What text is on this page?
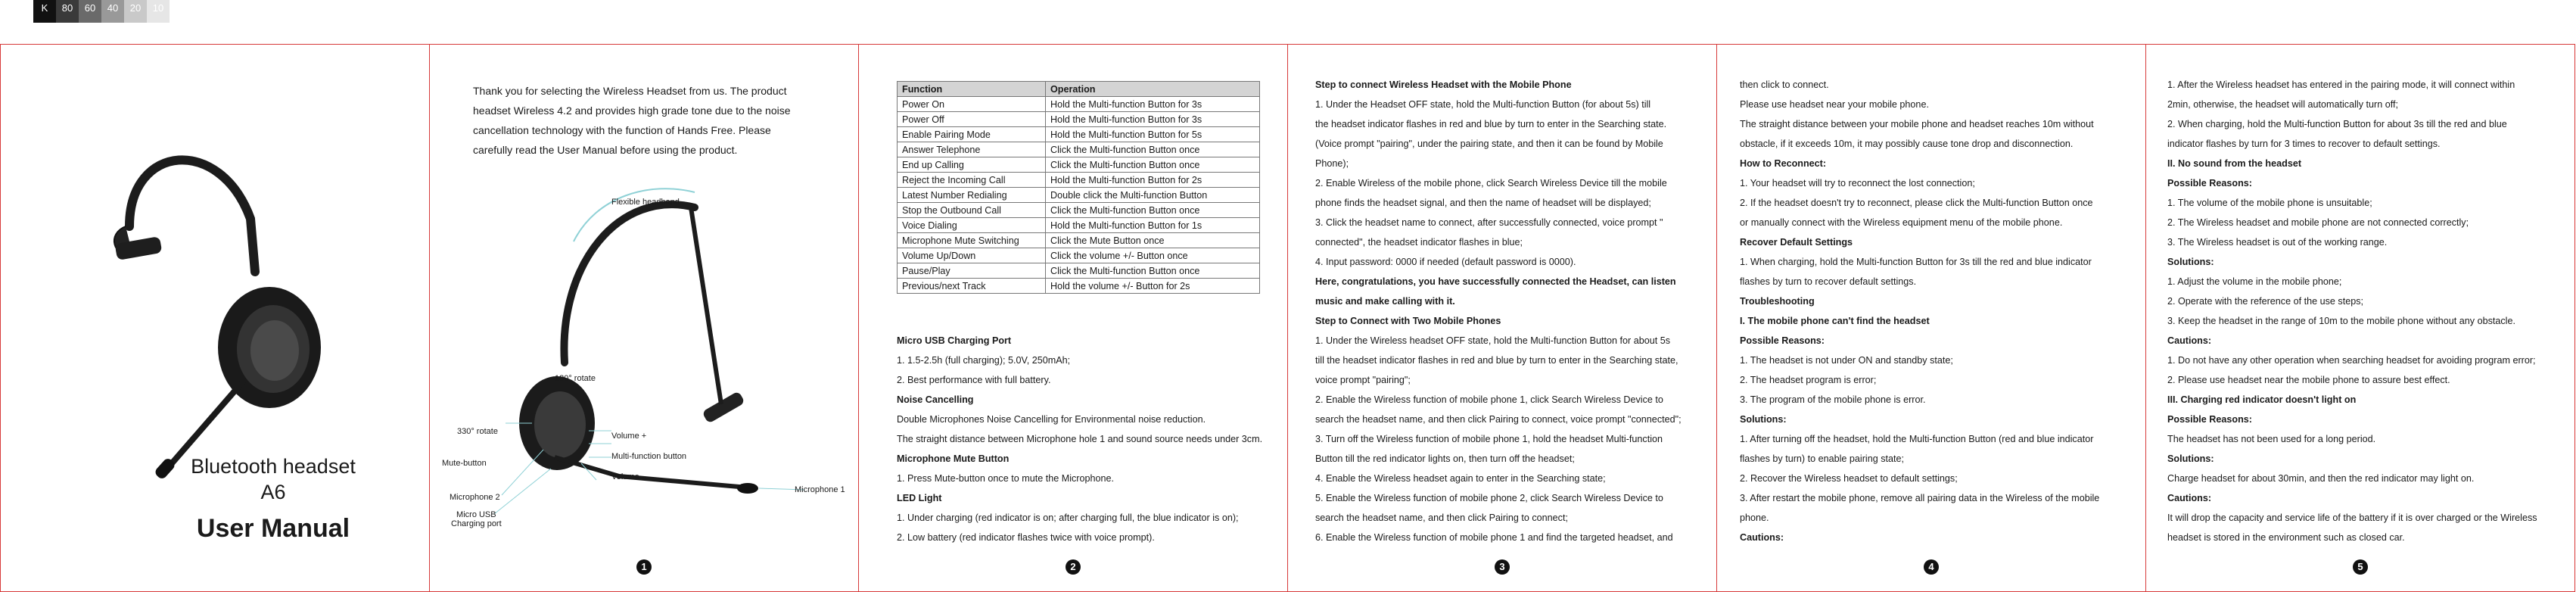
K	80	60	40	20	10
Bluetooth headset
A6
User Manual

Thank you for selecting the Wireless Headset from us. The product

headset Wireless 4.2 and provides high grade tone due to the noise

cancellation technology with the function of Hands Free. Please

carefully read the User Manual before using the product.

Flexible headband
180° rotate
330° rotate
Mute-button
Volume +
Multi-function button
Volume -
Microphone 2
Micro USB
Charging port
Microphone 1
1
Function	Operation
Power On	Hold the Multi-function Button for 3s
Power Off	Hold the Multi-function Button for 3s
Enable Pairing Mode	Hold the Multi-function Button for 5s
Answer Telephone	Click the Multi-function Button once
End up Calling	Click the Multi-function Button once
Reject the Incoming Call	Hold the Multi-function Button for 2s
Latest Number Redialing	Double click the Multi-function Button
Stop the Outbound Call	Click the Multi-function Button once
Voice Dialing	Hold the Multi-function Button for 1s
Microphone Mute Switching	Click the Mute Button once
Volume Up/Down	Click the volume +/- Button once
Pause/Play	Click the Multi-function Button once
Previous/next Track	Hold the volume +/- Button for 2s

Micro USB Charging Port

1. 1.5-2.5h (full charging); 5.0V, 250mAh;

2. Best performance with full battery.

Noise Cancelling

Double Microphones Noise Cancelling for Environmental noise reduction.

The straight distance between Microphone hole 1 and sound source needs under 3cm.

Microphone Mute Button

1. Press Mute-button once to mute the Microphone.

LED Light

1. Under charging (red indicator is on; after charging full, the blue indicator is on);

2. Low battery (red indicator flashes twice with voice prompt).

2

Step to connect Wireless Headset with the Mobile Phone

1. Under the Headset OFF state, hold the Multi-function Button (for about 5s) till

the headset indicator flashes in red and blue by turn to enter in the Searching state.

(Voice prompt "pairing", under the pairing state, and then it can be found by Mobile

Phone);

2. Enable Wireless of the mobile phone, click Search Wireless Device till the mobile

phone finds the headset signal, and then the name of headset will be displayed;

3. Click the headset name to connect, after successfully connected, voice prompt "

connected", the headset indicator flashes in blue;

4. Input password: 0000 if needed (default password is 0000).

Here, congratulations, you have successfully connected the Headset, can listen

music and make calling with it.

Step to Connect with Two Mobile Phones

1. Under the Wireless headset OFF state, hold the Multi-function Button for about 5s

till the headset indicator flashes in red and blue by turn to enter in the Searching state,

voice prompt "pairing";

2. Enable the Wireless function of mobile phone 1, click Search Wireless Device to

search the headset name, and then click Pairing to connect, voice prompt "connected";

3. Turn off the Wireless function of mobile phone 1, hold the headset Multi-function

Button till the red indicator lights on, then turn off the headset;

4. Enable the Wireless headset again to enter in the Searching state;

5. Enable the Wireless function of mobile phone 2, click Search Wireless Device to

search the headset name, and then click Pairing to connect;

6. Enable the Wireless function of mobile phone 1 and find the targeted headset, and

3

then click to connect.

Please use headset near your mobile phone.

The straight distance between your mobile phone and headset reaches 10m without

obstacle, if it exceeds 10m, it may possibly cause tone drop and disconnection.

How to Reconnect:

1. Your headset will try to reconnect the lost connection;

2. If the headset doesn't try to reconnect, please click the Multi-function Button once

or manually connect with the Wireless equipment menu of the mobile phone.

Recover Default Settings

1. When charging, hold the Multi-function Button for 3s till the red and blue indicator

flashes by turn to recover default settings.

Troubleshooting

I. The mobile phone can't find the headset

Possible Reasons:

1. The headset is not under ON and standby state;

2. The headset program is error;

3. The program of the mobile phone is error.

Solutions:

1. After turning off the headset, hold the Multi-function Button (red and blue indicator

flashes by turn) to enable pairing state;

2. Recover the Wireless headset to default settings;

3. After restart the mobile phone, remove all pairing data in the Wireless of the mobile

phone.

Cautions:

4

1. After the Wireless headset has entered in the pairing mode, it will connect within

2min, otherwise, the headset will automatically turn off;

2. When charging, hold the Multi-function Button for about 3s till the red and blue

indicator flashes by turn for 3 times to recover to default settings.

II. No sound from the headset

Possible Reasons:

1. The volume of the mobile phone is unsuitable;

2. The Wireless headset and mobile phone are not connected correctly;

3. The Wireless headset is out of the working range.

Solutions:

1. Adjust the volume in the mobile phone;

2. Operate with the reference of the use steps;

3. Keep the headset in the range of 10m to the mobile phone without any obstacle.

Cautions:

1. Do not have any other operation when searching headset for avoiding program error;

2. Please use headset near the mobile phone to assure best effect.

III. Charging red indicator doesn't light on

Possible Reasons:

The headset has not been used for a long period.

Solutions:

Charge headset for about 30min, and then the red indicator may light on.

Cautions:

It will drop the capacity and service life of the battery if it is over charged or the Wireless

headset is stored in the environment such as closed car.

5
